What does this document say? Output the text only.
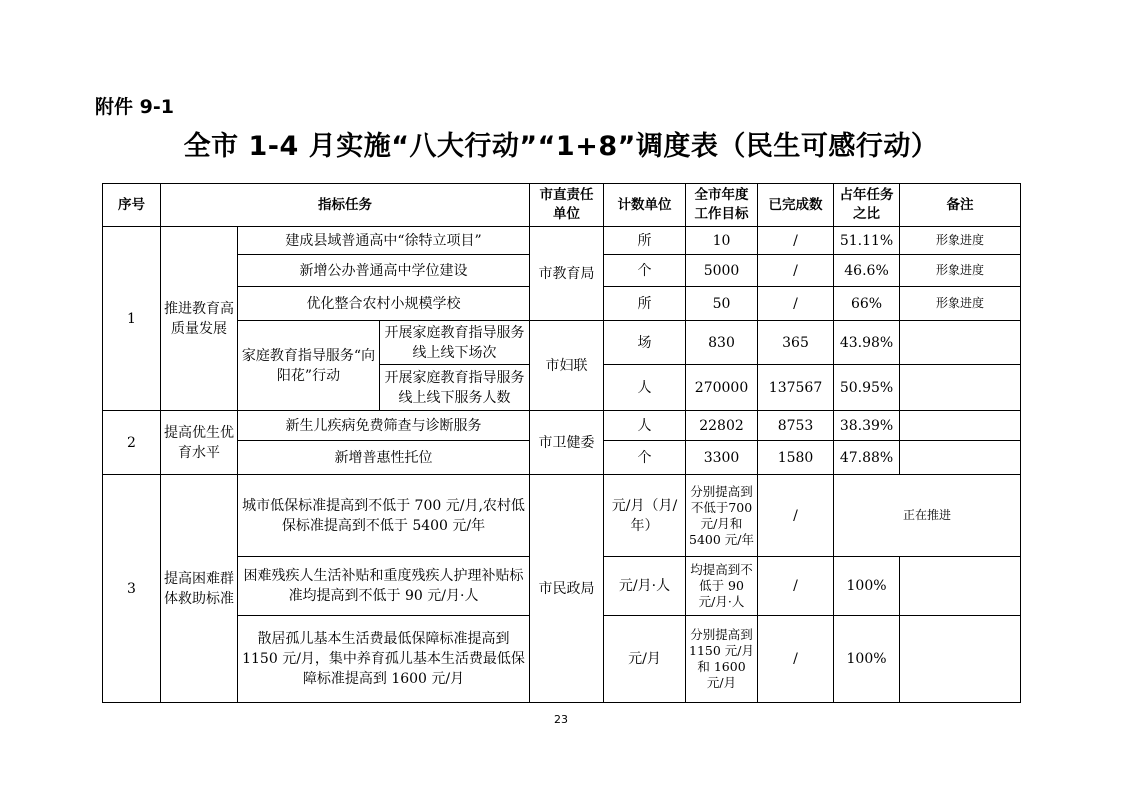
附件 9-1
全市 1-4 月实施“八大行动”“1+8”调度表（民生可感行动）
序号	指标任务			市直责任单位	计数单位	全市年度工作目标	已完成数	占年任务之比	备注
1	推进教育高质量发展	建成县域普通高中“徐特立项目”		市教育局	所	10	/	51.11%	形象进度
		新增公办普通高中学位建设			个	5000	/	46.6%	形象进度
		优化整合农村小规模学校			所	50	/	66%	形象进度
		家庭教育指导服务“向阳花”行动	开展家庭教育指导服务线上线下场次	市妇联	场	830	365	43.98%	
			开展家庭教育指导服务线上线下服务人数		人	270000	137567	50.95%	
2	提高优生优育水平	新生儿疾病免费筛查与诊断服务		市卫健委	人	22802	8753	38.39%	
		新增普惠性托位			个	3300	1580	47.88%	
3	提高困难群体救助标准	城市低保标准提高到不低于 700 元/月,农村低保标准提高到不低于 5400 元/年		市民政局	元/月（月/年）	分别提高到不低于700 元/月和 5400 元/年	/	正在推进	
		困难残疾人生活补贴和重度残疾人护理补贴标准均提高到不低于 90 元/月·人			元/月·人	均提高到不低于 90 元/月·人	/	100%	
		散居孤儿基本生活费最低保障标准提高到1150 元/月，集中养育孤儿基本生活费最低保障标准提高到 1600 元/月			元/月	分别提高到 1150 元/月和 1600 元/月	/	100%	
23
